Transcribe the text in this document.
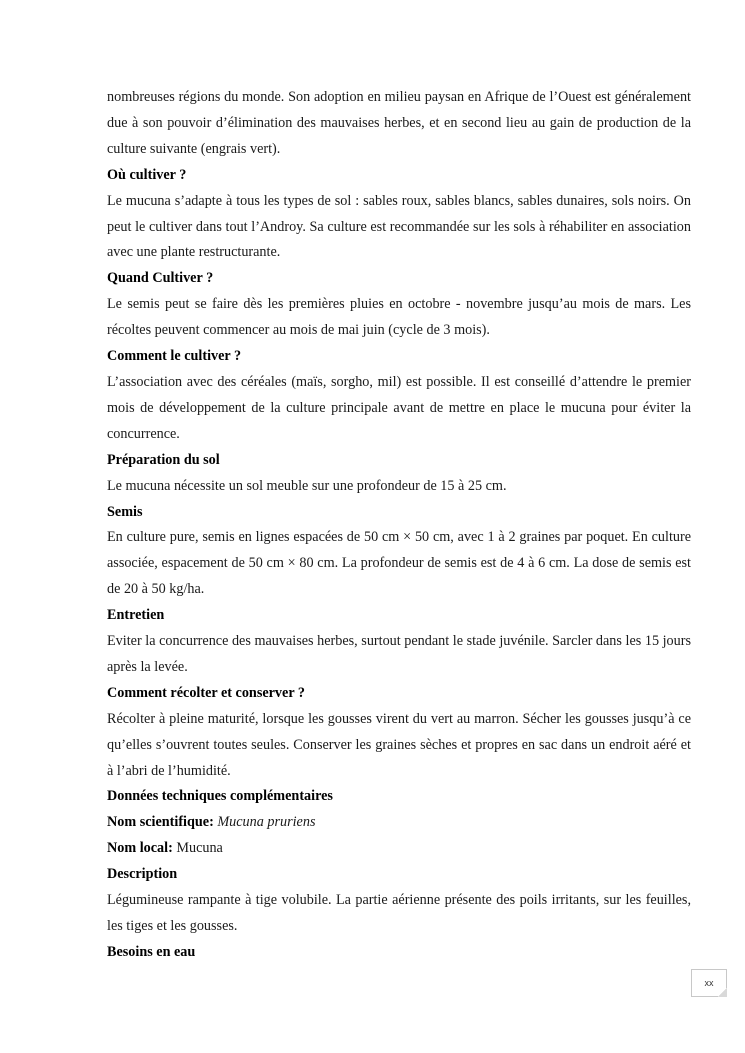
nombreuses régions du monde. Son adoption en milieu paysan en Afrique de l’Ouest est généralement due à son pouvoir d’élimination des mauvaises herbes, et en second lieu au gain de production de la culture suivante (engrais vert).

Où cultiver ?

Le mucuna s’adapte à tous les types de sol : sables roux, sables blancs, sables dunaires, sols noirs. On peut le cultiver dans tout l’Androy. Sa culture est recommandée sur les sols à réhabiliter en association avec une plante restructurante.

Quand Cultiver ?

Le semis peut se faire dès les premières pluies en octobre - novembre jusqu’au mois de mars. Les récoltes peuvent commencer au mois de mai juin (cycle de 3 mois).

Comment le cultiver ?

L’association avec des céréales (maïs, sorgho, mil) est possible. Il est conseillé d’attendre le premier mois de développement de la culture principale avant de mettre en place le mucuna pour éviter la concurrence.

Préparation du sol

Le mucuna nécessite un sol meuble sur une profondeur de 15 à 25 cm.

Semis

En culture pure, semis en lignes espacées de 50 cm × 50 cm, avec 1 à 2 graines par poquet. En culture associée, espacement de 50 cm × 80 cm. La profondeur de semis est de 4 à 6 cm. La dose de semis est de 20 à 50 kg/ha.

Entretien

Eviter la concurrence des mauvaises herbes, surtout pendant le stade juvénile. Sarcler dans les 15 jours après la levée.

Comment récolter et conserver ?

Récolter à pleine maturité, lorsque les gousses virent du vert au marron. Sécher les gousses jusqu’à ce qu’elles s’ouvrent toutes seules. Conserver les graines sèches et propres en sac dans un endroit aéré et à l’abri de l’humidité.

Données techniques complémentaires

Nom scientifique: Mucuna pruriens

Nom local: Mucuna

Description

Légumineuse rampante à tige volubile. La partie aérienne présente des poils irritants, sur les feuilles, les tiges et les gousses.

Besoins en eau

xx
